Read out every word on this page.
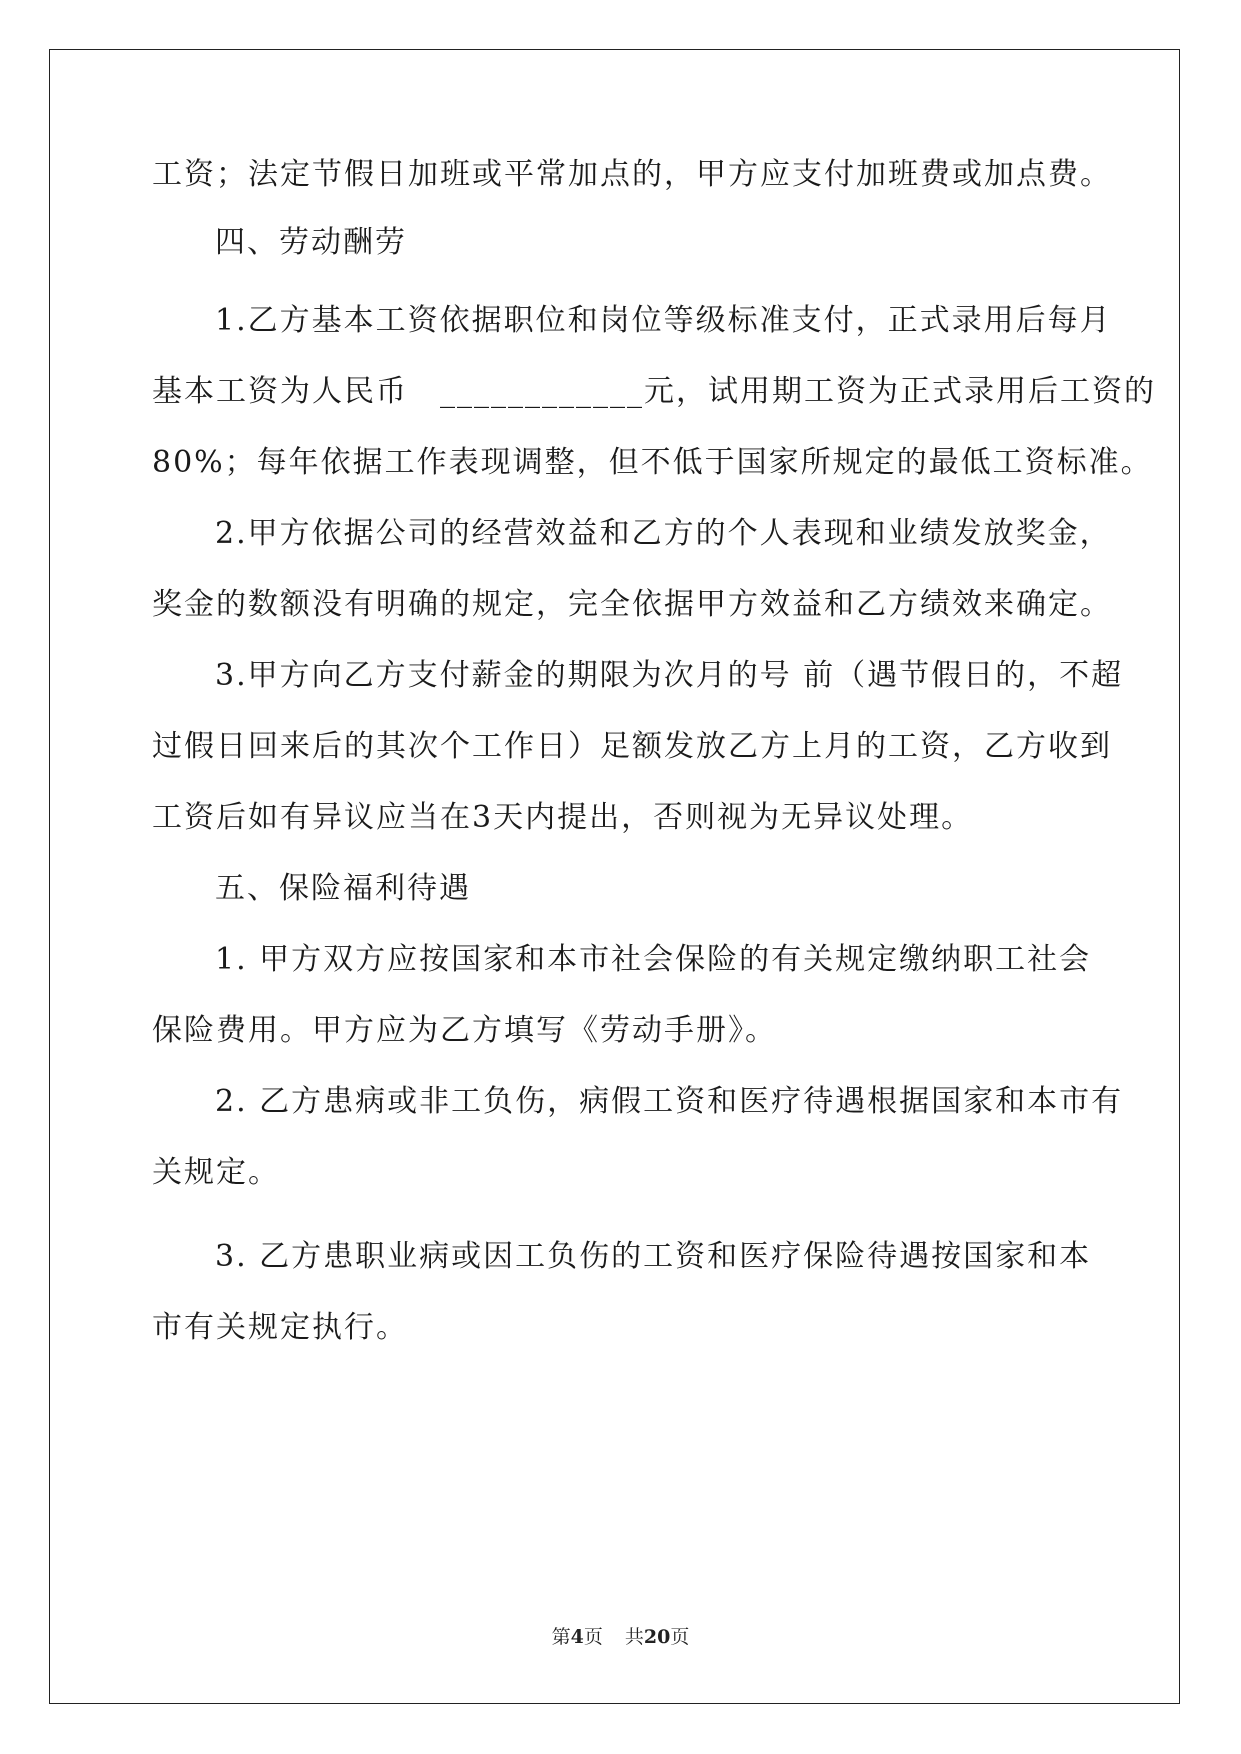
工资；法定节假日加班或平常加点的，甲方应支付加班费或加点费。
四、劳动酬劳
1.乙方基本工资依据职位和岗位等级标准支付，正式录用后每月
基本工资为人民币　____________元，试用期工资为正式录用后工资的
80%；每年依据工作表现调整，但不低于国家所规定的最低工资标准。
2.甲方依据公司的经营效益和乙方的个人表现和业绩发放奖金，
奖金的数额没有明确的规定，完全依据甲方效益和乙方绩效来确定。
3.甲方向乙方支付薪金的期限为次月的号 前（遇节假日的，不超
过假日回来后的其次个工作日）足额发放乙方上月的工资，乙方收到
工资后如有异议应当在3天内提出，否则视为无异议处理。
五、保险福利待遇
1. 甲方双方应按国家和本市社会保险的有关规定缴纳职工社会
保险费用。甲方应为乙方填写《劳动手册》。
2. 乙方患病或非工负伤，病假工资和医疗待遇根据国家和本市有
关规定。
3. 乙方患职业病或因工负伤的工资和医疗保险待遇按国家和本
市有关规定执行。
第4页 共20页
